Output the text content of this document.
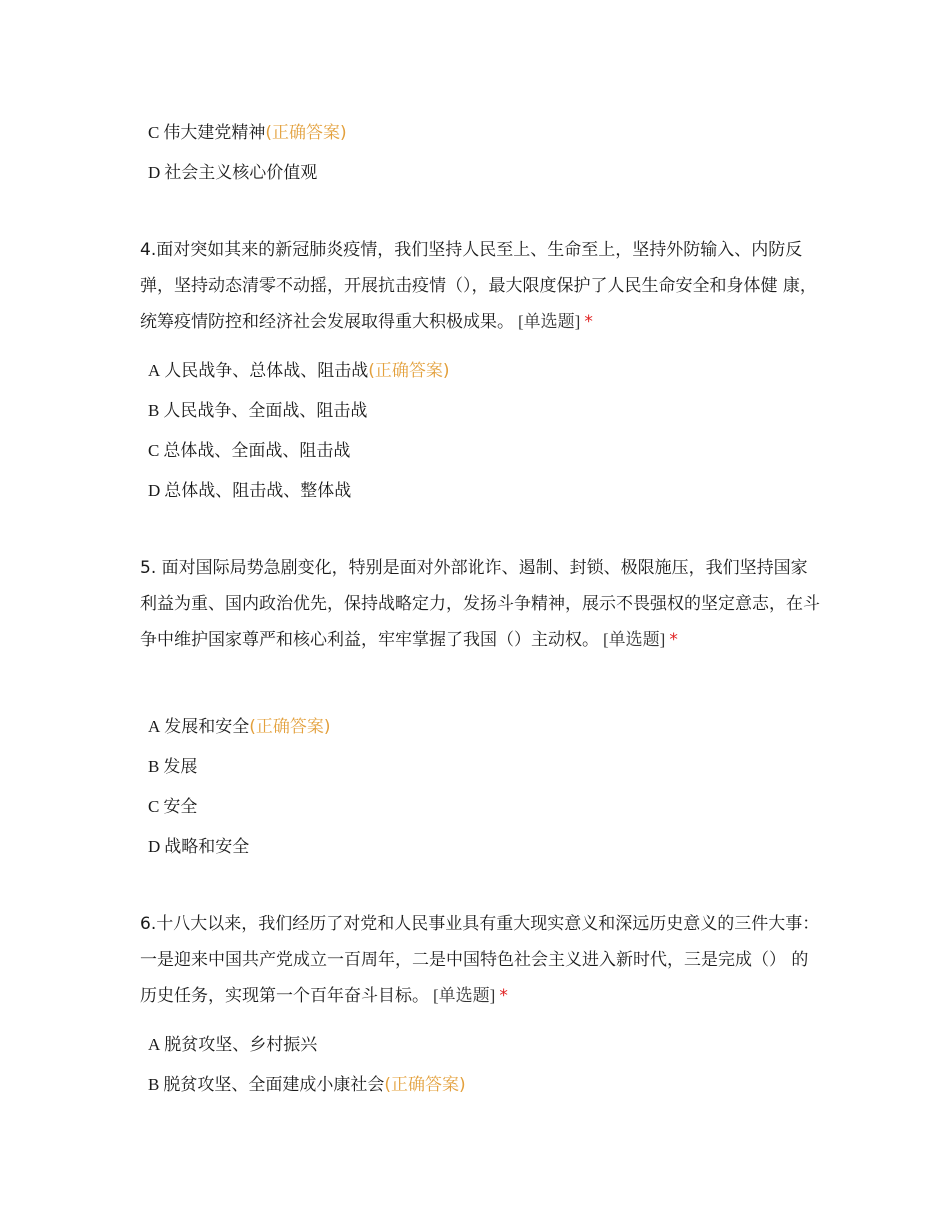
C 伟大建党精神(正确答案)
D 社会主义核心价值观
4.面对突如其来的新冠肺炎疫情，我们坚持人民至上、生命至上，坚持外防输入、内防反弹，坚持动态清零不动摇，开展抗击疫情（），最大限度保护了人民生命安全和身体健 康，统筹疫情防控和经济社会发展取得重大积极成果。 [单选题] *
A 人民战争、总体战、阻击战(正确答案)
B 人民战争、全面战、阻击战
C 总体战、全面战、阻击战
D 总体战、阻击战、整体战
5. 面对国际局势急剧变化，特别是面对外部讹诈、遏制、封锁、极限施压，我们坚持国家利益为重、国内政治优先，保持战略定力，发扬斗争精神，展示不畏强权的坚定意志，在斗争中维护国家尊严和核心利益，牢牢掌握了我国（）主动权。 [单选题] *
A 发展和安全(正确答案)
B 发展
C 安全
D 战略和安全
6.十八大以来，我们经历了对党和人民事业具有重大现实意义和深远历史意义的三件大事：一是迎来中国共产党成立一百周年，二是中国特色社会主义进入新时代，三是完成（） 的历史任务，实现第一个百年奋斗目标。 [单选题] *
A 脱贫攻坚、乡村振兴
B 脱贫攻坚、全面建成小康社会(正确答案)
